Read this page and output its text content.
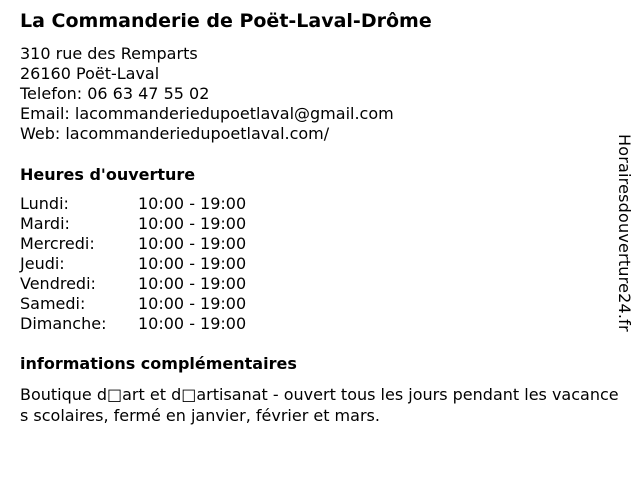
La Commanderie de Poët-Laval-Drôme
310 rue des Remparts
26160 Poët-Laval
Telefon: 06 63 47 55 02
Email: lacommanderiedupoetlaval@gmail.com
Web: lacommanderiedupoetlaval.com/
Heures d'ouverture
Lundi:	10:00 - 19:00
Mardi:	10:00 - 19:00
Mercredi:	10:00 - 19:00
Jeudi:	10:00 - 19:00
Vendredi:	10:00 - 19:00
Samedi:	10:00 - 19:00
Dimanche: 10:00 - 19:00
informations complémentaires
Boutique d□art et d□artisanat - ouvert tous les jours pendant les vacances scolaires, fermé en janvier, février et mars.
Horairesdouverture24.fr
